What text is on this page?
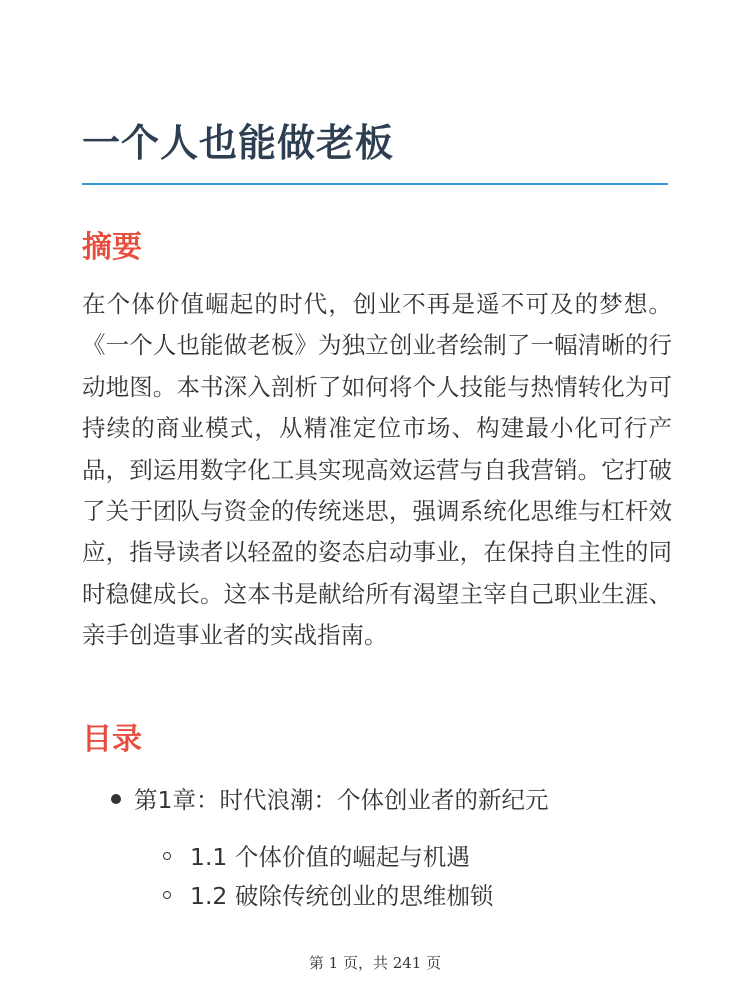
一个人也能做老板
摘要

在个体价值崛起的时代，创业不再是遥不可及的梦想。《一个人也能做老板》为独立创业者绘制了一幅清晰的行动地图。本书深入剖析了如何将个人技能与热情转化为可持续的商业模式，从精准定位市场、构建最小化可行产品，到运用数字化工具实现高效运营与自我营销。它打破了关于团队与资金的传统迷思，强调系统化思维与杠杆效应，指导读者以轻盈的姿态启动事业，在保持自主性的同时稳健成长。这本书是献给所有渴望主宰自己职业生涯、亲手创造事业者的实战指南。

目录
第1章：时代浪潮：个体创业者的新纪元
1.1 个体价值的崛起与机遇
1.2 破除传统创业的思维枷锁
第 1 页，共 241 页
